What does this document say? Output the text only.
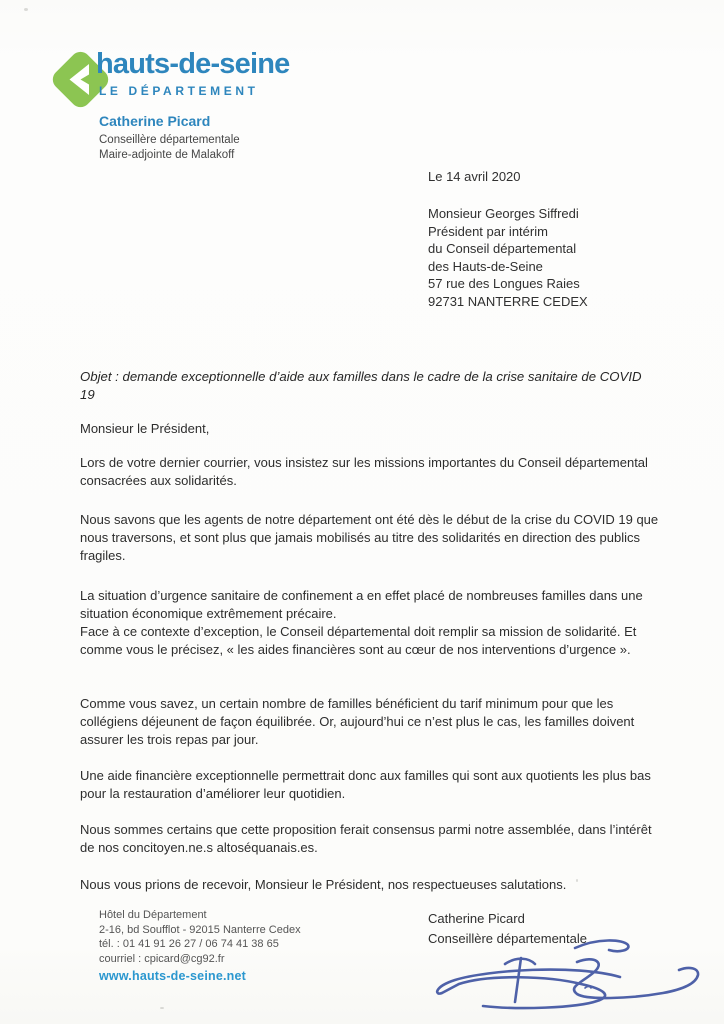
hauts-de-seine
LE DÉPARTEMENT
Catherine Picard
Conseillère départementale
Maire-adjointe de Malakoff
Le 14 avril 2020
Monsieur Georges Siffredi
Président par intérim
du Conseil départemental
des Hauts-de-Seine
57 rue des Longues Raies
92731 NANTERRE CEDEX
Objet : demande exceptionnelle d’aide aux familles dans le cadre de la crise sanitaire de COVID 19
Monsieur le Président,
Lors de votre dernier courrier, vous insistez sur les missions importantes du Conseil départemental consacrées aux solidarités.
Nous savons que les agents de notre département ont été dès le début de la crise du COVID 19 que nous traversons, et sont plus que jamais mobilisés au titre des solidarités en direction des publics fragiles.
La situation d’urgence sanitaire de confinement a en effet placé de nombreuses familles dans une situation économique extrêmement précaire.
Face à ce contexte d’exception, le Conseil départemental doit remplir sa mission de solidarité. Et comme vous le précisez, « les aides financières sont au cœur de nos interventions d’urgence ».
Comme vous savez, un certain nombre de familles bénéficient du tarif minimum pour que les collégiens déjeunent de façon équilibrée. Or, aujourd’hui ce n’est plus le cas, les familles doivent assurer les trois repas par jour.
Une aide financière exceptionnelle permettrait donc aux familles qui sont aux quotients les plus bas pour la restauration d’améliorer leur quotidien.
Nous sommes certains que cette proposition ferait consensus parmi notre assemblée, dans l’intérêt de nos concitoyen.ne.s altoséquanais.es.
Nous vous prions de recevoir, Monsieur le Président, nos respectueuses salutations.
Hôtel du Département
2-16, bd Soufflot - 92015 Nanterre Cedex
tél. : 01 41 91 26 27 / 06 74 41 38 65
courriel : cpicard@cg92.fr
www.hauts-de-seine.net
Catherine Picard
Conseillère départementale
